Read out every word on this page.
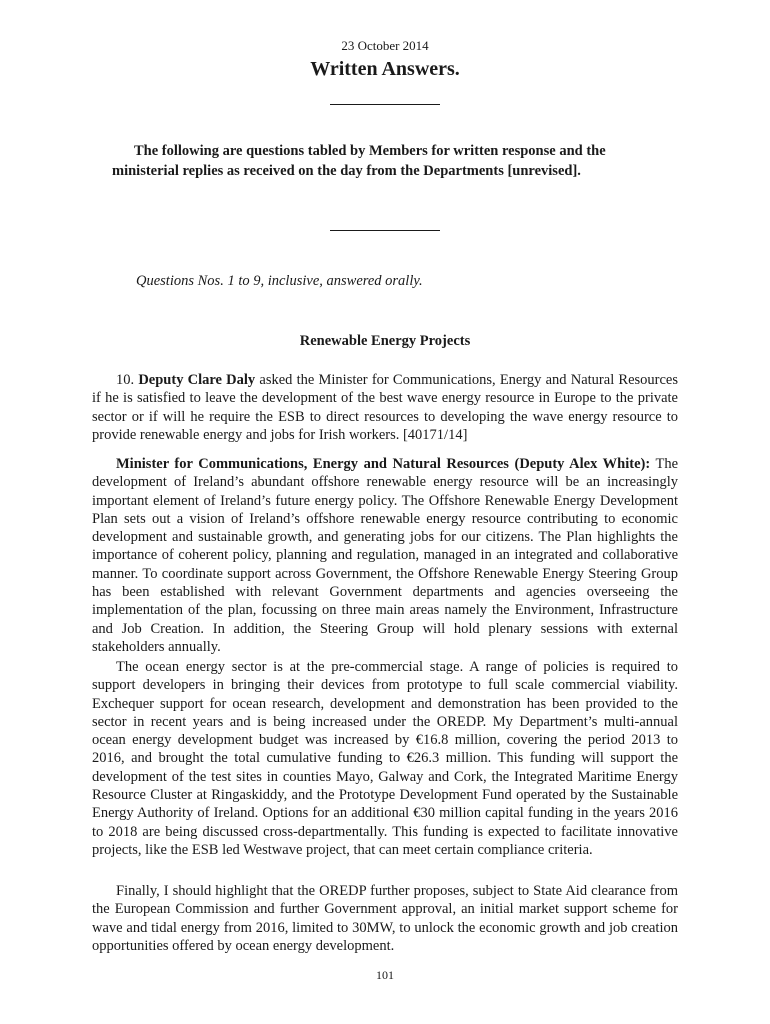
23 October 2014
Written Answers.

The following are questions tabled by Members for written response and the ministerial replies as received on the day from the Departments [unrevised].

Questions Nos. 1 to 9, inclusive, answered orally.

Renewable Energy Projects

10. Deputy Clare Daly asked the Minister for Communications, Energy and Natural Resources if he is satisfied to leave the development of the best wave energy resource in Europe to the private sector or if will he require the ESB to direct resources to developing the wave energy resource to provide renewable energy and jobs for Irish workers. [40171/14]

Minister for Communications, Energy and Natural Resources (Deputy Alex White): The development of Ireland’s abundant offshore renewable energy resource will be an increasingly important element of Ireland’s future energy policy. The Offshore Renewable Energy Development Plan sets out a vision of Ireland’s offshore renewable energy resource contributing to economic development and sustainable growth, and generating jobs for our citizens. The Plan highlights the importance of coherent policy, planning and regulation, managed in an integrated and collaborative manner. To coordinate support across Government, the Offshore Renewable Energy Steering Group has been established with relevant Government departments and agencies overseeing the implementation of the plan, focussing on three main areas namely the Environment, Infrastructure and Job Creation. In addition, the Steering Group will hold plenary sessions with external stakeholders annually.

The ocean energy sector is at the pre-commercial stage. A range of policies is required to support developers in bringing their devices from prototype to full scale commercial viability. Exchequer support for ocean research, development and demonstration has been provided to the sector in recent years and is being increased under the OREDP. My Department’s multi-annual ocean energy development budget was increased by €16.8 million, covering the period 2013 to 2016, and brought the total cumulative funding to €26.3 million. This funding will support the development of the test sites in counties Mayo, Galway and Cork, the Integrated Maritime Energy Resource Cluster at Ringaskiddy, and the Prototype Development Fund operated by the Sustainable Energy Authority of Ireland. Options for an additional €30 million capital funding in the years 2016 to 2018 are being discussed cross-departmentally. This funding is expected to facilitate innovative projects, like the ESB led Westwave project, that can meet certain compliance criteria.

Finally, I should highlight that the OREDP further proposes, subject to State Aid clearance from the European Commission and further Government approval, an initial market support scheme for wave and tidal energy from 2016, limited to 30MW, to unlock the economic growth and job creation opportunities offered by ocean energy development.

101
